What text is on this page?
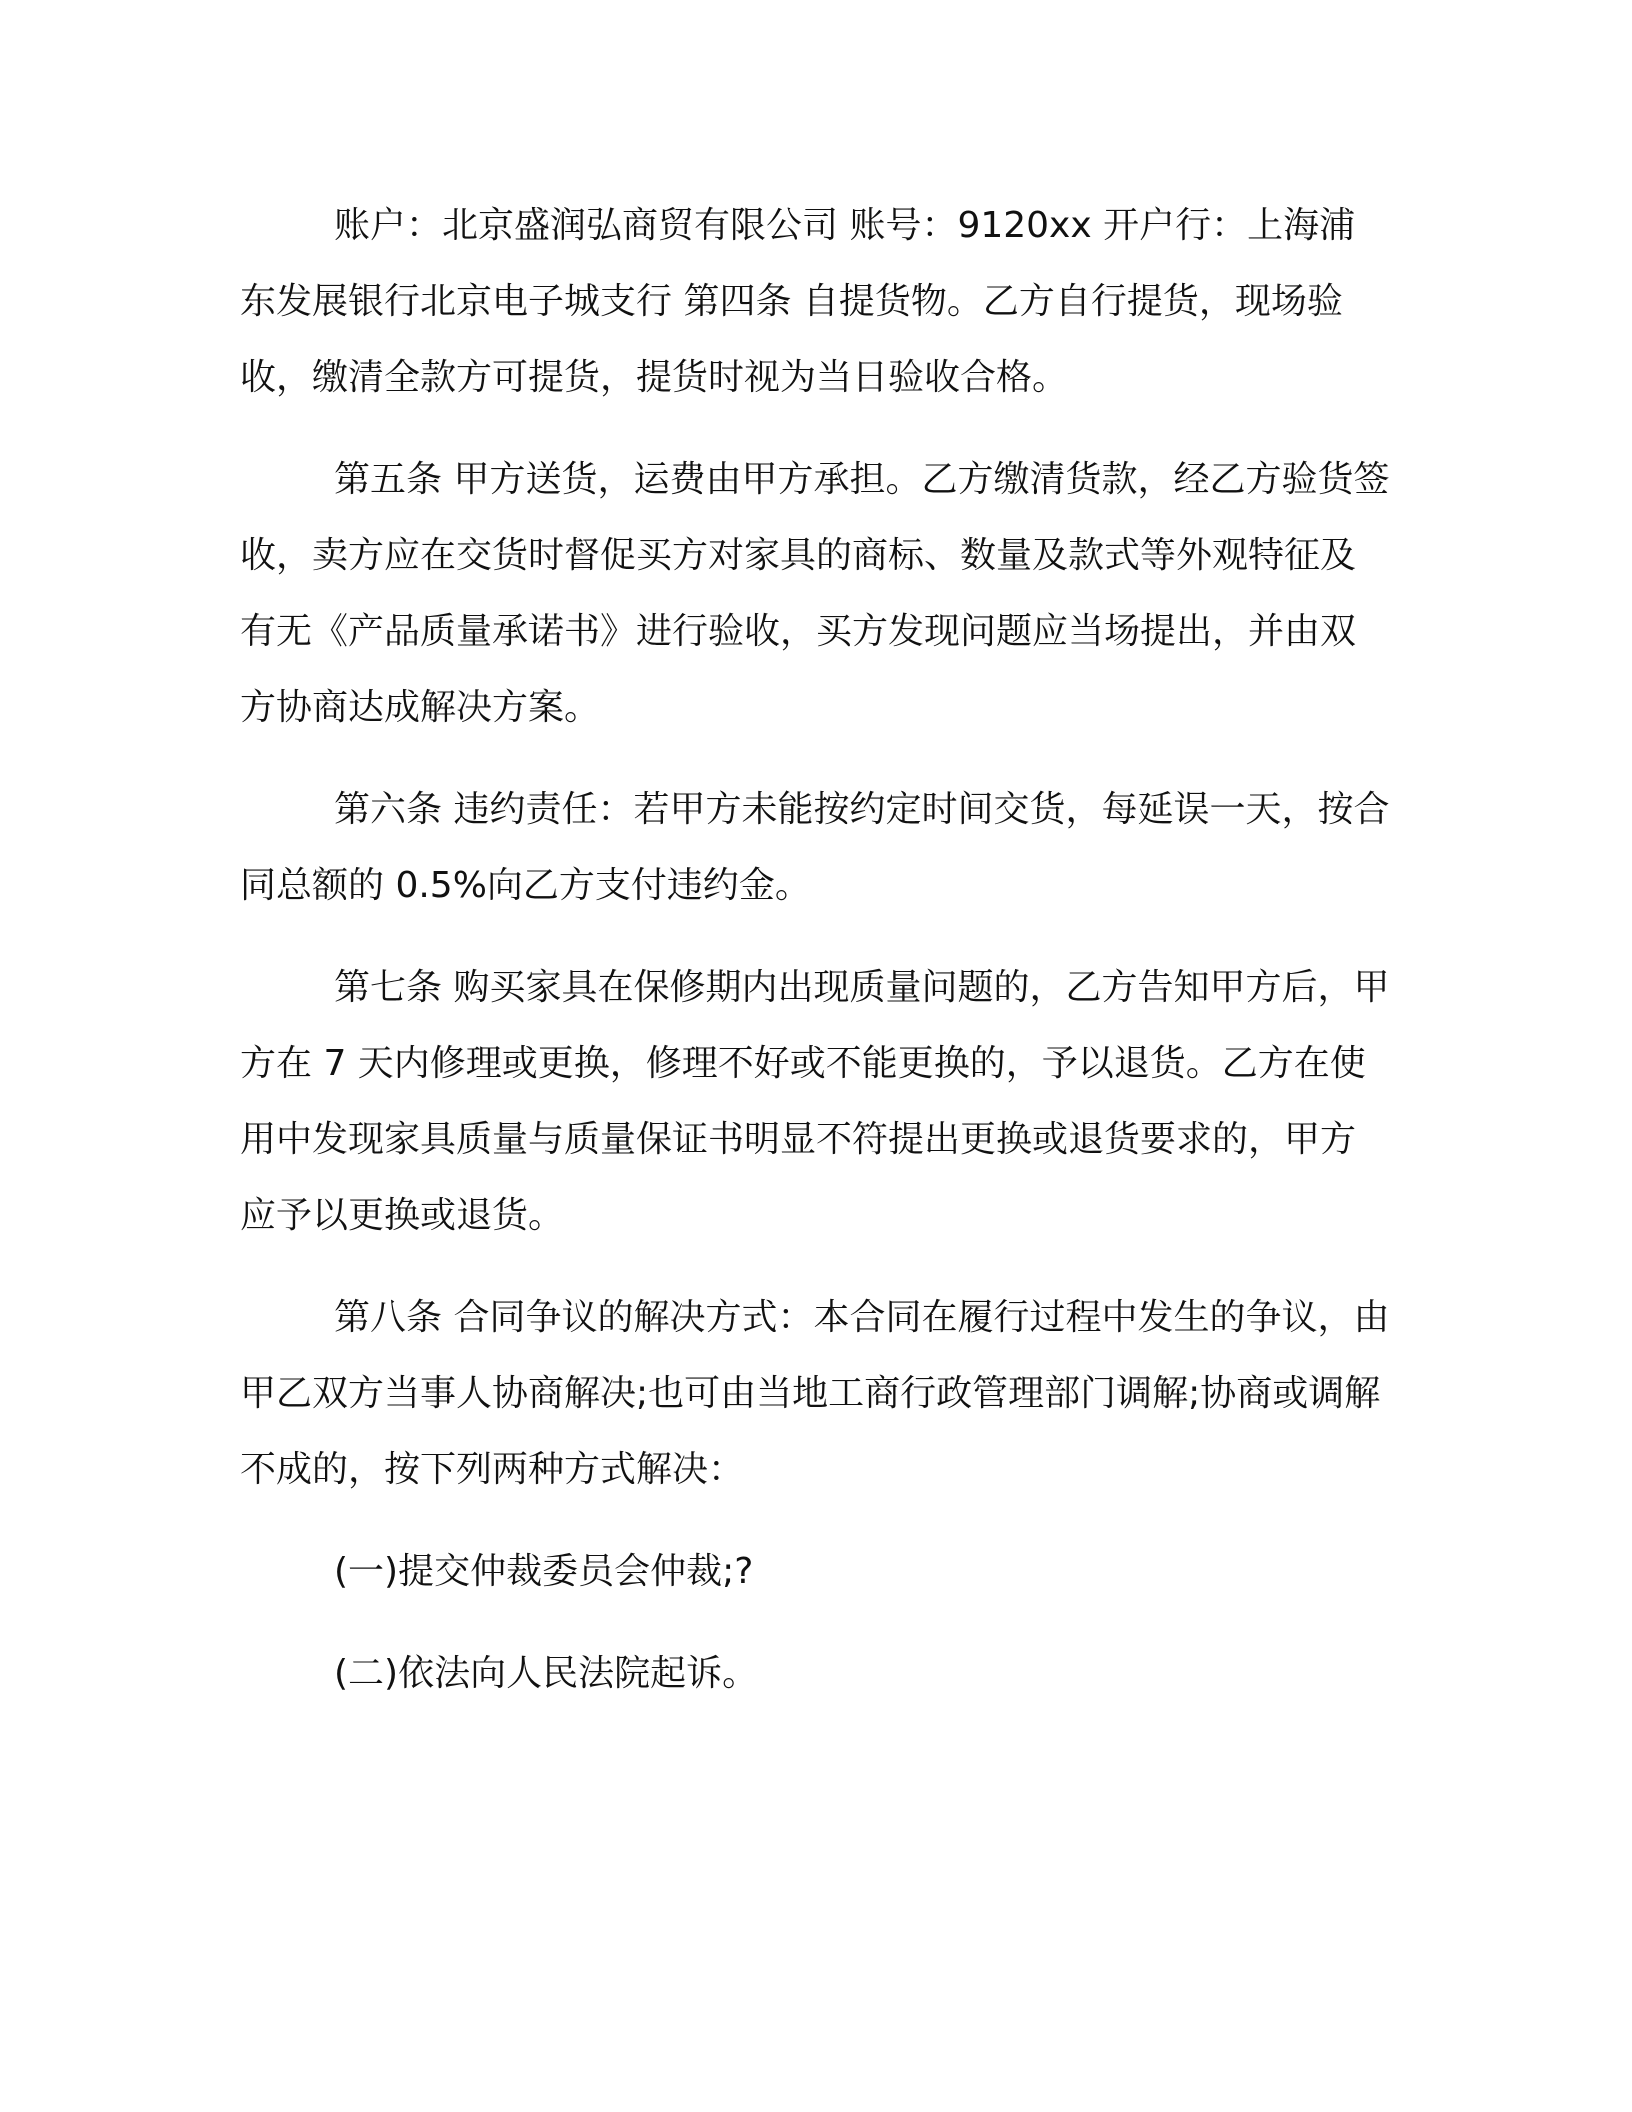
账户：北京盛润弘商贸有限公司 账号：9120xx 开户行：上海浦东发展银行北京电子城支行 第四条 自提货物。乙方自行提货，现场验收，缴清全款方可提货，提货时视为当日验收合格。

第五条 甲方送货，运费由甲方承担。乙方缴清货款，经乙方验货签收，卖方应在交货时督促买方对家具的商标、数量及款式等外观特征及有无《产品质量承诺书》进行验收，买方发现问题应当场提出，并由双方协商达成解决方案。

第六条 违约责任：若甲方未能按约定时间交货，每延误一天，按合同总额的 0.5%向乙方支付违约金。

第七条 购买家具在保修期内出现质量问题的，乙方告知甲方后，甲方在 7 天内修理或更换，修理不好或不能更换的，予以退货。乙方在使用中发现家具质量与质量保证书明显不符提出更换或退货要求的，甲方应予以更换或退货。

第八条 合同争议的解决方式：本合同在履行过程中发生的争议，由甲乙双方当事人协商解决;也可由当地工商行政管理部门调解;协商或调解不成的，按下列两种方式解决：

(一)提交仲裁委员会仲裁;?

(二)依法向人民法院起诉。
